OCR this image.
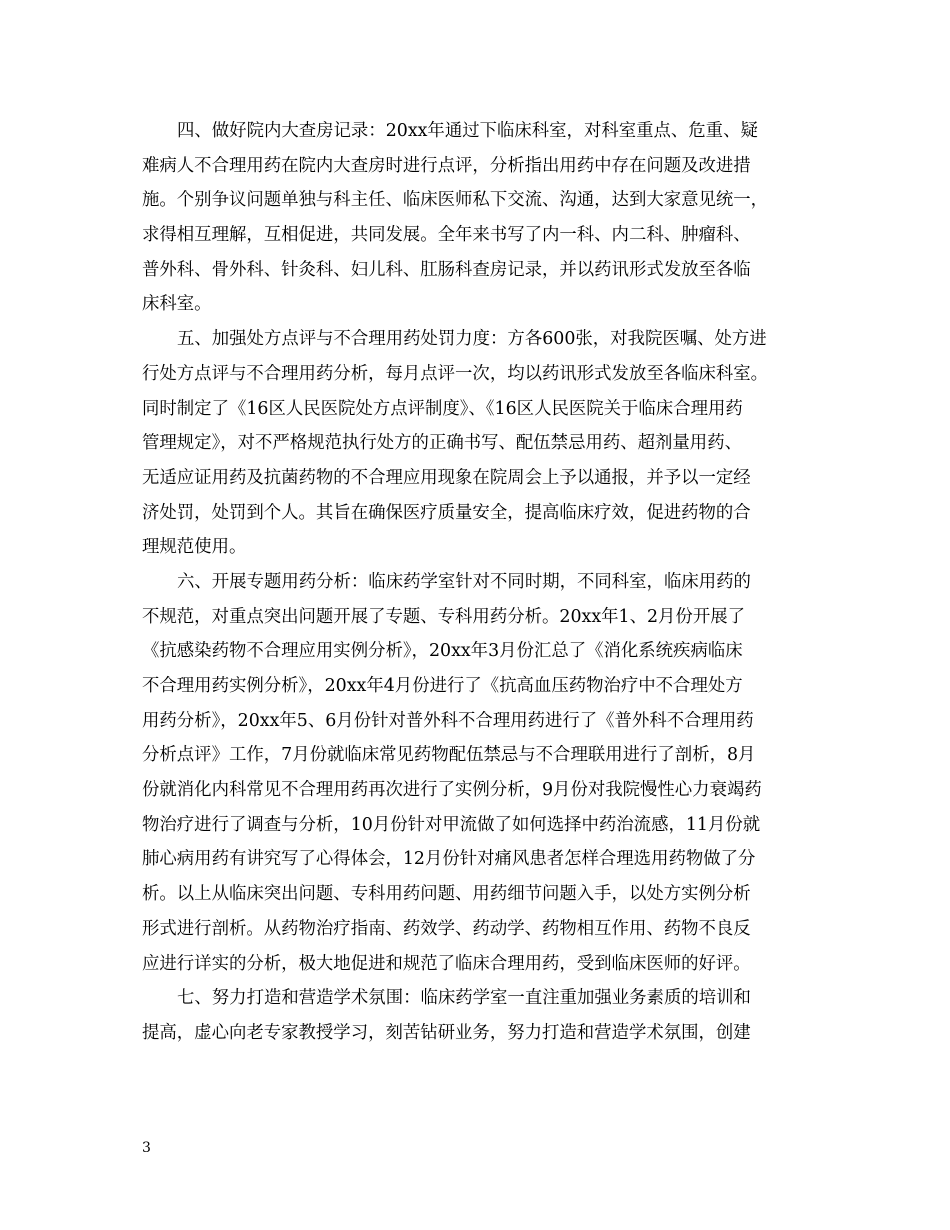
四、做好院内大查房记录：20xx年通过下临床科室，对科室重点、危重、疑
难病人不合理用药在院内大查房时进行点评，分析指出用药中存在问题及改进措
施。个别争议问题单独与科主任、临床医师私下交流、沟通，达到大家意见统一，
求得相互理解，互相促进，共同发展。全年来书写了内一科、内二科、肿瘤科、
普外科、骨外科、针灸科、妇儿科、肛肠科查房记录，并以药讯形式发放至各临
床科室。
五、加强处方点评与不合理用药处罚力度：方各600张，对我院医嘱、处方进
行处方点评与不合理用药分析，每月点评一次，均以药讯形式发放至各临床科室。
同时制定了《16区人民医院处方点评制度》、《16区人民医院关于临床合理用药
管理规定》，对不严格规范执行处方的正确书写、配伍禁忌用药、超剂量用药、
无适应证用药及抗菌药物的不合理应用现象在院周会上予以通报，并予以一定经
济处罚，处罚到个人。其旨在确保医疗质量安全，提高临床疗效，促进药物的合
理规范使用。
六、开展专题用药分析：临床药学室针对不同时期，不同科室，临床用药的
不规范，对重点突出问题开展了专题、专科用药分析。20xx年1、2月份开展了
《抗感染药物不合理应用实例分析》，20xx年3月份汇总了《消化系统疾病临床
不合理用药实例分析》，20xx年4月份进行了《抗高血压药物治疗中不合理处方
用药分析》，20xx年5、6月份针对普外科不合理用药进行了《普外科不合理用药
分析点评》工作，7月份就临床常见药物配伍禁忌与不合理联用进行了剖析，8月
份就消化内科常见不合理用药再次进行了实例分析，9月份对我院慢性心力衰竭药
物治疗进行了调查与分析，10月份针对甲流做了如何选择中药治流感，11月份就
肺心病用药有讲究写了心得体会，12月份针对痛风患者怎样合理选用药物做了分
析。以上从临床突出问题、专科用药问题、用药细节问题入手，以处方实例分析
形式进行剖析。从药物治疗指南、药效学、药动学、药物相互作用、药物不良反
应进行详实的分析，极大地促进和规范了临床合理用药，受到临床医师的好评。
七、努力打造和营造学术氛围：临床药学室一直注重加强业务素质的培训和
提高，虚心向老专家教授学习，刻苦钻研业务，努力打造和营造学术氛围，创建
3
